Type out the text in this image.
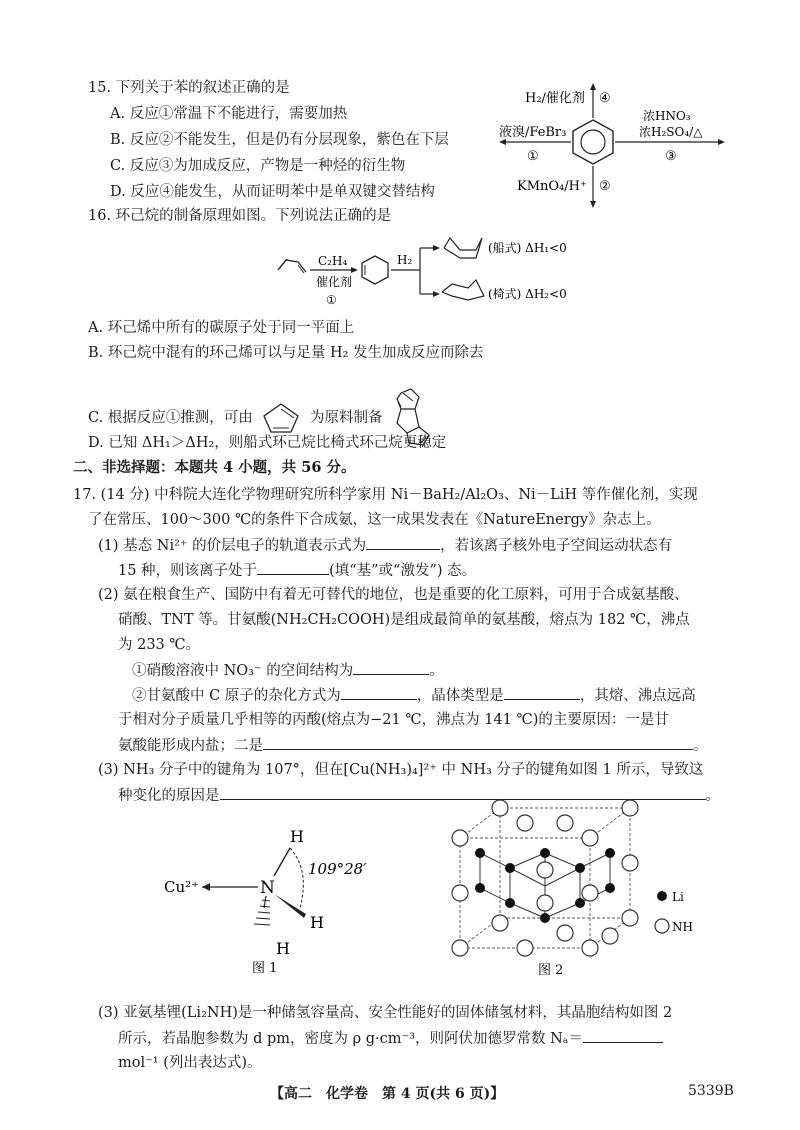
15. 下列关于苯的叙述正确的是
A. 反应①常温下不能进行，需要加热
B. 反应②不能发生，但是仍有分层现象，紫色在下层
C. 反应③为加成反应，产物是一种烃的衍生物
D. 反应④能发生，从而证明苯中是单双键交替结构
H₂/催化剂 ④
液溴/FeBr₃
①
浓HNO₃
浓H₂SO₄/△
③
KMnO₄/H⁺ ②
16. 环己烷的制备原理如图。下列说法正确的是
C₂H₄
催化剂
①
H₂
(船式) ΔH₁<0
(椅式) ΔH₂<0
A. 环己烯中所有的碳原子处于同一平面上
B. 环己烷中混有的环己烯可以与足量 H₂ 发生加成反应而除去
C. 根据反应①推测，可由	为原料制备
D. 已知 ΔH₁＞ΔH₂，则船式环己烷比椅式环己烷更稳定
二、非选择题：本题共 4 小题，共 56 分。
17. (14 分) 中科院大连化学物理研究所科学家用 Ni－BaH₂/Al₂O₃、Ni－LiH 等作催化剂，实现
了在常压、100～300 ℃的条件下合成氨，这一成果发表在《NatureEnergy》杂志上。
(1) 基态 Ni²⁺ 的价层电子的轨道表示式为	，若该离子核外电子空间运动状态有
15 种，则该离子处于	(填“基”或“激发”) 态。
(2) 氨在粮食生产、国防中有着无可替代的地位，也是重要的化工原料，可用于合成氨基酸、
硝酸、TNT 等。甘氨酸(NH₂CH₂COOH)是组成最简单的氨基酸，熔点为 182 ℃，沸点
为 233 ℃。
①硝酸溶液中 NO₃⁻ 的空间结构为	。
②甘氨酸中 C 原子的杂化方式为	，晶体类型是	，其熔、沸点远高
于相对分子质量几乎相等的丙酸(熔点为−21 ℃，沸点为 141 ℃)的主要原因：一是甘
氨酸能形成内盐；二是	。
(3) NH₃ 分子中的键角为 107°，但在[Cu(NH₃)₄]²⁺ 中 NH₃ 分子的键角如图 1 所示，导致这
种变化的原因是	。
Cu²⁺	N
H
H
H
109°28′
图 1
Li
NH
图 2
(3) 亚氨基锂(Li₂NH)是一种储氢容量高、安全性能好的固体储氢材料，其晶胞结构如图 2
所示，若晶胞参数为 d pm，密度为 ρ g·cm⁻³，则阿伏加德罗常数 Nₐ＝
mol⁻¹ (列出表达式)。
【高二　化学卷　第 4 页(共 6 页)】	5339B
